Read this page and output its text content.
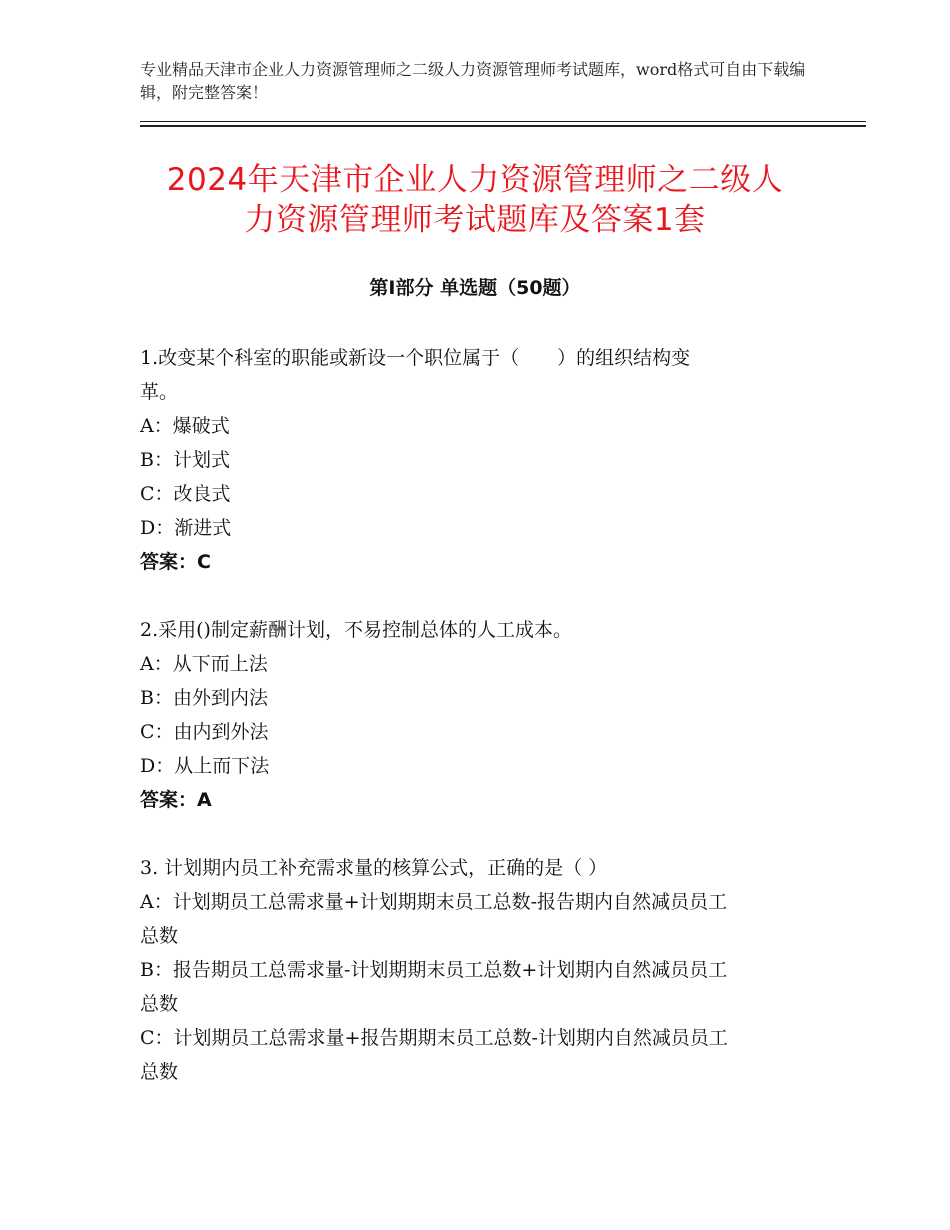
专业精品天津市企业人力资源管理师之二级人力资源管理师考试题库，word格式可自由下载编辑，附完整答案！
2024年天津市企业人力资源管理师之二级人
力资源管理师考试题库及答案1套
第Ⅰ部分 单选题（50题）
1.改变某个科室的职能或新设一个职位属于（　　）的组织结构变
革。
A：爆破式
B：计划式
C：改良式
D：渐进式
答案：C
2.采用()制定薪酬计划，不易控制总体的人工成本。
A：从下而上法
B：由外到内法
C：由内到外法
D：从上而下法
答案：A
3. 计划期内员工补充需求量的核算公式，正确的是（ ）
A：计划期员工总需求量+计划期期末员工总数-报告期内自然减员员工
总数
B：报告期员工总需求量-计划期期末员工总数+计划期内自然减员员工
总数
C：计划期员工总需求量+报告期期末员工总数-计划期内自然减员员工
总数
